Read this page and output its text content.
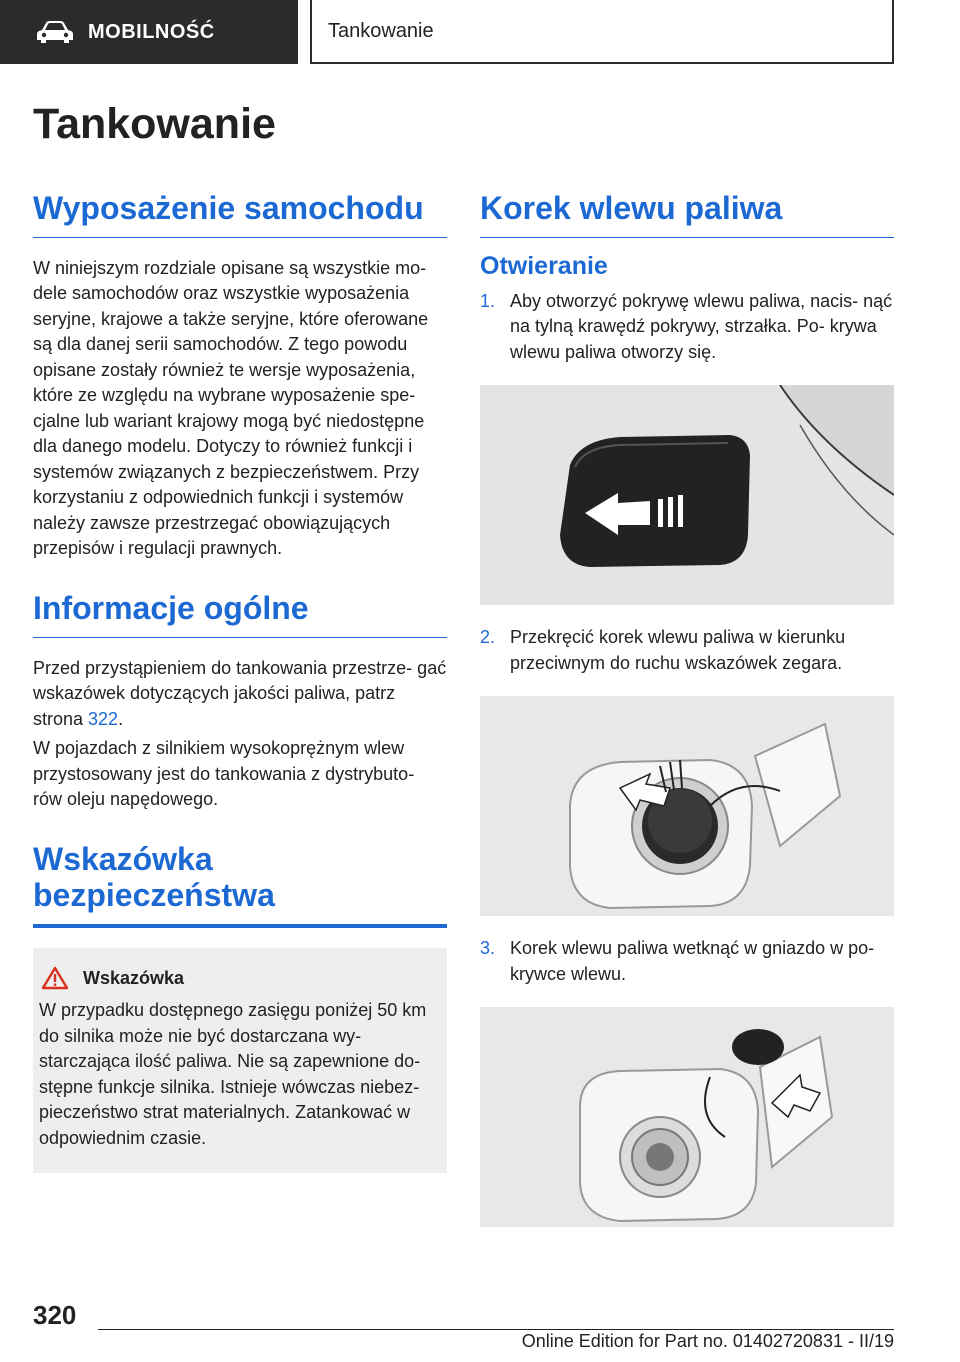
MOBILNOŚĆ	Tankowanie
Tankowanie
Wyposażenie samochodu

W niniejszym rozdziale opisane są wszystkie mo- dele samochodów oraz wszystkie wyposażenia seryjne, krajowe a także seryjne, które oferowane są dla danej serii samochodów. Z tego powodu opisane zostały również te wersje wyposażenia, które ze względu na wybrane wyposażenie spe- cjalne lub wariant krajowy mogą być niedostępne dla danego modelu. Dotyczy to również funkcji i systemów związanych z bezpieczeństwem. Przy korzystaniu z odpowiednich funkcji i systemów należy zawsze przestrzegać obowiązujących przepisów i regulacji prawnych.

Informacje ogólne

Przed przystąpieniem do tankowania przestrze- gać wskazówek dotyczących jakości paliwa, patrz strona 322.

W pojazdach z silnikiem wysokoprężnym wlew przystosowany jest do tankowania z dystrybuto- rów oleju napędowego.

Wskazówka bezpieczeństwa
Wskazówka

W przypadku dostępnego zasięgu poniżej 50 km do silnika może nie być dostarczana wy- starczająca ilość paliwa. Nie są zapewnione do- stępne funkcje silnika. Istnieje wówczas niebez- pieczeństwo strat materialnych. Zatankować w odpowiednim czasie.

Korek wlewu paliwa
Otwieranie
1. Aby otworzyć pokrywę wlewu paliwa, nacis- nąć na tylną krawędź pokrywy, strzałka. Po- krywa wlewu paliwa otworzy się.
2. Przekręcić korek wlewu paliwa w kierunku przeciwnym do ruchu wskazówek zegara.
3. Korek wlewu paliwa wetknąć w gniazdo w po- krywce wlewu.
320
Online Edition for Part no. 01402720831 - II/19
